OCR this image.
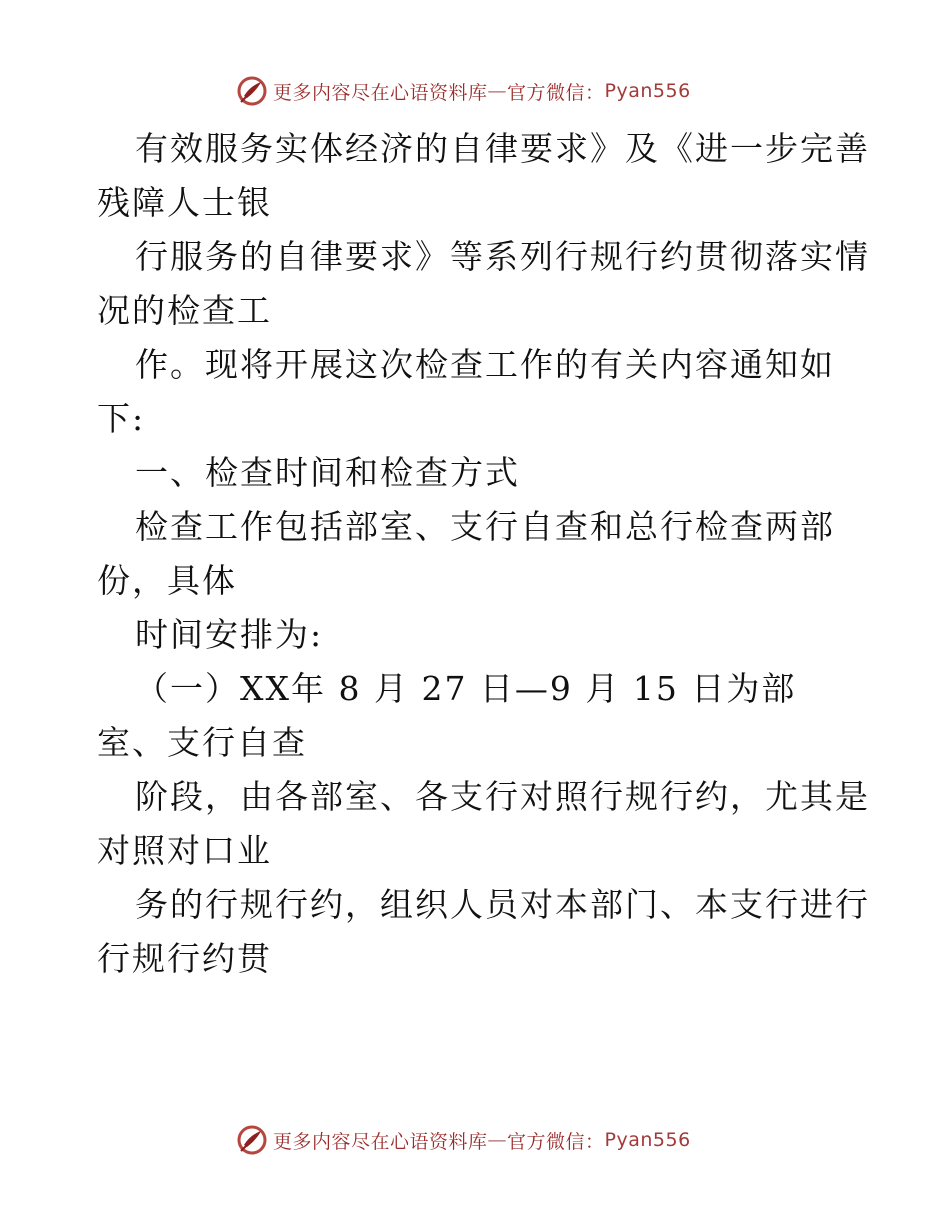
更多内容尽在心语资料库 — 官方微信： Pyan556
有效服务实体经济的自律要求》及《进一步完善
残障人士银
行服务的自律要求》等系列行规行约贯彻落实情
况的检查工
作。现将开展这次检查工作的有关内容通知如
下:
一、检查时间和检查方式
检查工作包括部室、支行自查和总行检查两部
份，具体
时间安排为:
（一）XX年 8 月 27 日—9 月 15 日为部
室、支行自查
阶段，由各部室、各支行对照行规行约，尤其是
对照对口业
务的行规行约，组织人员对本部门、本支行进行
行规行约贯
更多内容尽在心语资料库 — 官方微信： Pyan556
